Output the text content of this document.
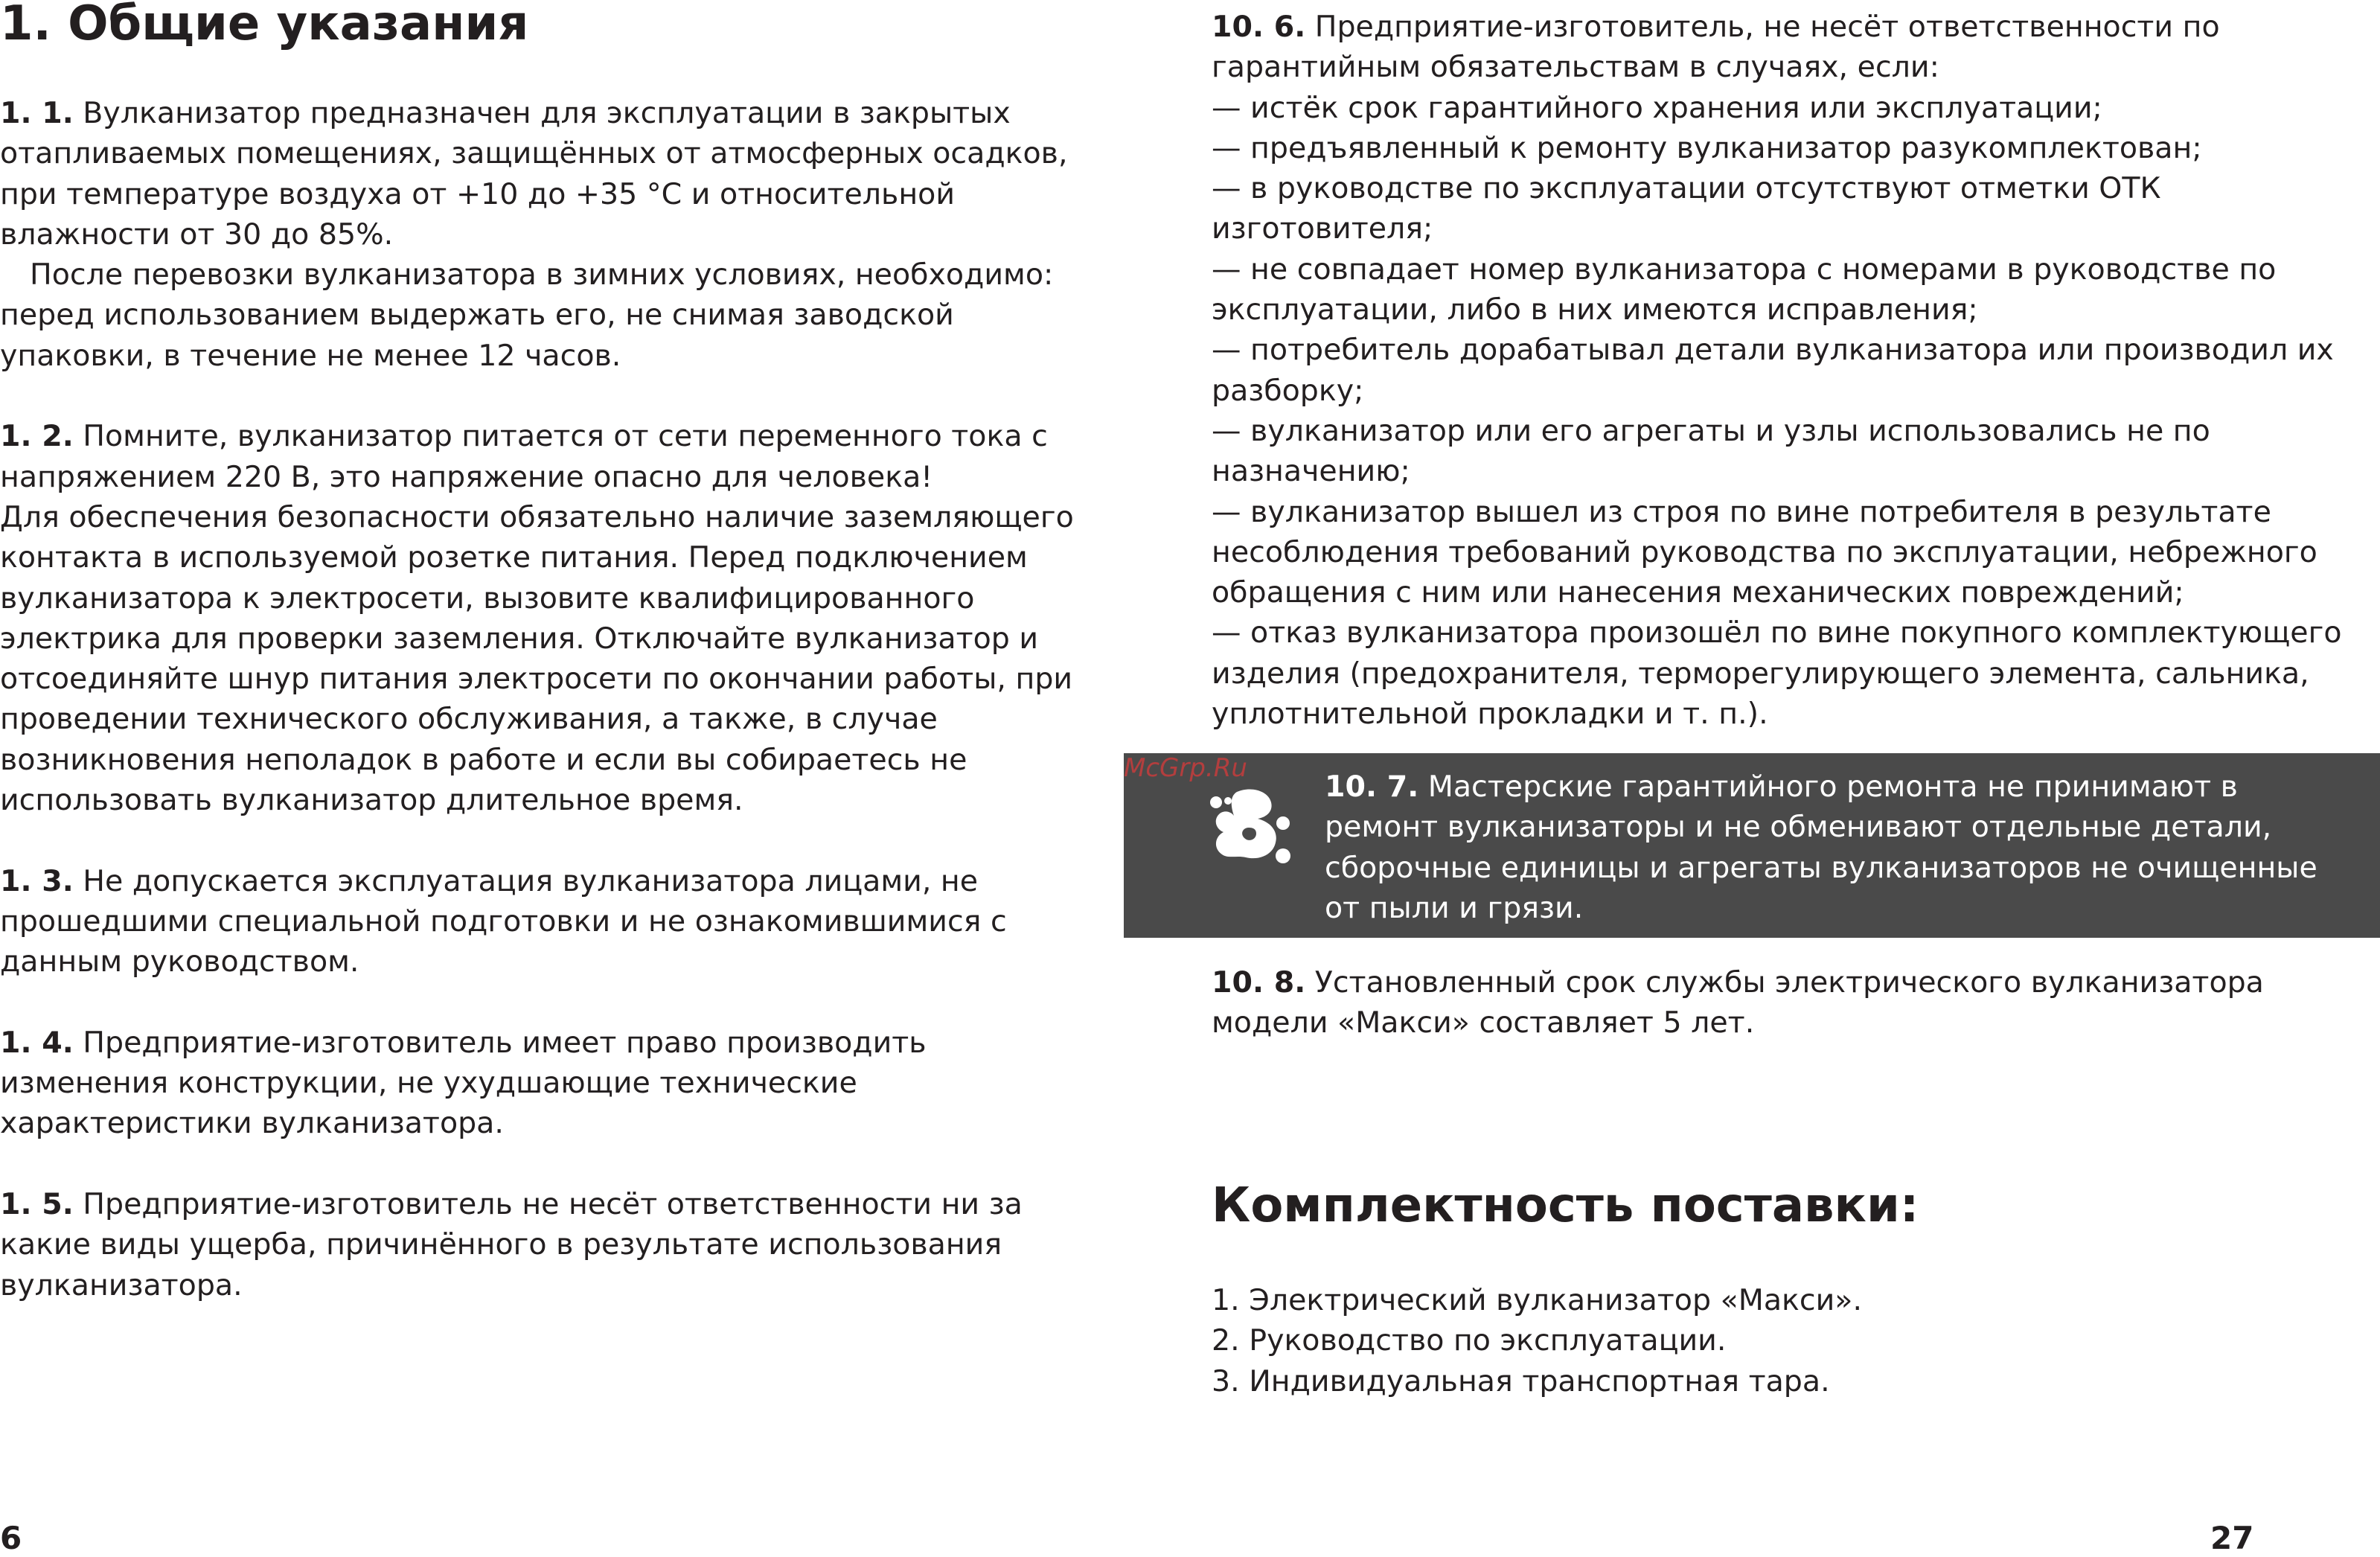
1. Общие указания

1. 1. Вулканизатор предназначен для эксплуатации в закрытых отапливаемых помещениях, защищённых от атмосферных осадков, при температуре воздуха от +10 до +35 °C и относительной влажности от 30 до 85%.

После перевозки вулканизатора в зимних условиях, необходимо: перед использованием выдержать его, не снимая заводской упаковки, в течение не менее 12 часов.

1. 2. Помните, вулканизатор питается от сети переменного тока с напряжением 220 В, это напряжение опасно для человека!

Для обеспечения безопасности обязательно наличие заземляющего контакта в используемой розетке питания. Перед подключением вулканизатора к электросети, вызовите квалифицированного электрика для проверки заземления. Отключайте вулканизатор и отсоединяйте шнур питания электросети по окончании работы, при проведении технического обслуживания, а также, в случае возникновения неполадок в работе и если вы собираетесь не использовать вулканизатор длительное время.

1. 3. Не допускается эксплуатация вулканизатора лицами, не прошедшими специальной подготовки и не ознакомившимися с данным руководством.

1. 4. Предприятие-изготовитель имеет право производить изменения конструкции, не ухудшающие технические характеристики вулканизатора.

1. 5. Предприятие-изготовитель не несёт ответственности ни за какие виды ущерба, причинённого в результате использования вулканизатора.

6

10. 6. Предприятие-изготовитель, не несёт ответственности по гарантийным обязательствам в случаях, если:

— истёк срок гарантийного хранения или эксплуатации;

— предъявленный к ремонту вулканизатор разукомплектован;

— в руководстве по эксплуатации отсутствуют отметки ОТК изготовителя;

— не совпадает номер вулканизатора с номерами в руководстве по эксплуатации, либо в них имеются исправления;

— потребитель дорабатывал детали вулканизатора или производил их разборку;

— вулканизатор или его агрегаты и узлы использовались не по назначению;

— вулканизатор вышел из строя по вине потребителя в результате несоблюдения требований руководства по эксплуатации, небрежного обращения с ним или нанесения механических повреждений;

— отказ вулканизатора произошёл по вине покупного комплектующего изделия (предохранителя, терморегулирующего элемента, сальника, уплотнительной прокладки и т. п.).

McGrp.Ru

10. 7. Мастерские гарантийного ремонта не принимают в ремонт вулканизаторы и не обменивают отдельные детали, сборочные единицы и агрегаты вулканизаторов не очищенные от пыли и грязи.

10. 8. Установленный срок службы электрического вулканизатора модели «Макси» составляет 5 лет.

Комплектность поставки:
1. Электрический вулканизатор «Макси».
2. Руководство по эксплуатации.
3. Индивидуальная транспортная тара.
27
